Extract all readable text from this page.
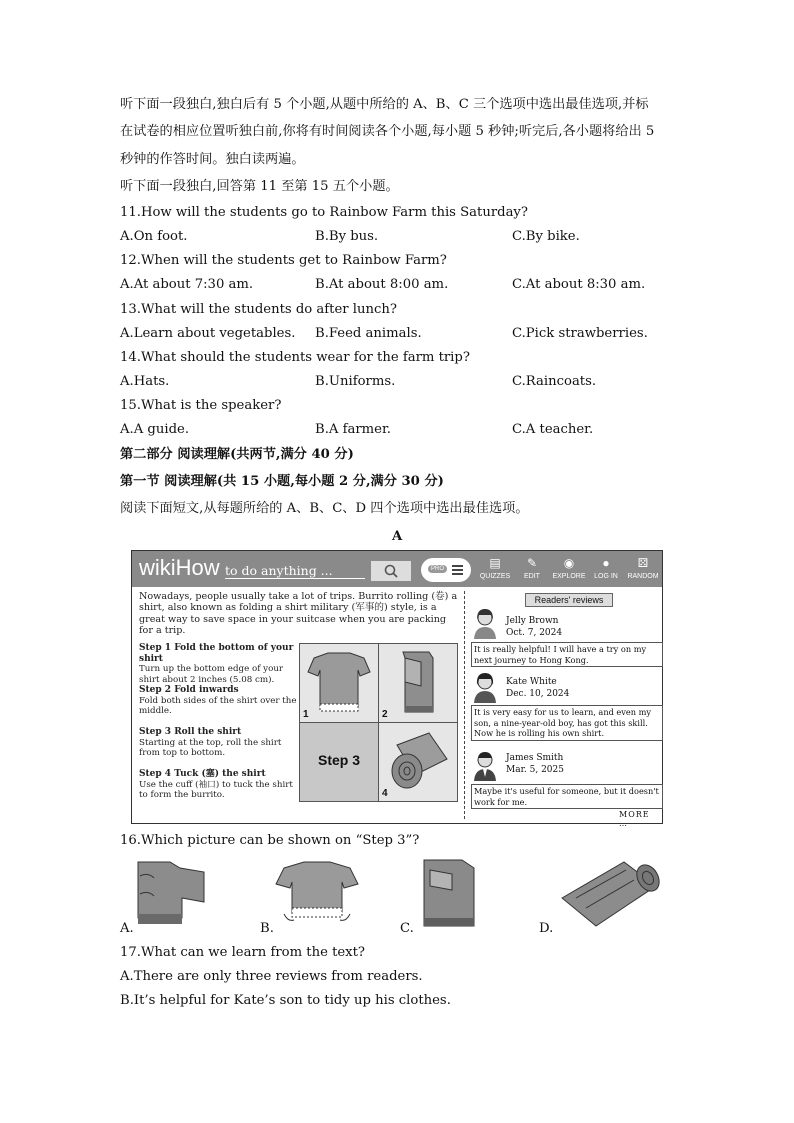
听下面一段独白,独白后有 5 个小题,从题中所给的 A、B、C 三个选项中选出最佳选项,并标
在试卷的相应位置听独白前,你将有时间阅读各个小题,每小题 5 秒钟;听完后,各小题将给出 5
秒钟的作答时间。独白读两遍。
听下面一段独白,回答第 11 至第 15 五个小题。
11.How will the students go to Rainbow Farm this Saturday?
A.On foot.	B.By bus.	C.By bike.
12.When will the students get to Rainbow Farm?
A.At about 7:30 am.	B.At about 8:00 am.	C.At about 8:30 am.
13.What will the students do after lunch?
A.Learn about vegetables. B.Feed animals.	C.Pick strawberries.
14.What should the students wear for the farm trip?
A.Hats.	B.Uniforms.	C.Raincoats.
15.What is the speaker?
A.A guide.	B.A farmer.	C.A teacher.
第二部分 阅读理解(共两节,满分 40 分)
第一节 阅读理解(共 15 小题,每小题 2 分,满分 30 分)
阅读下面短文,从每题所给的 A、B、C、D 四个选项中选出最佳选项。
A
wikiHow to do anything ...	PRO	▤
QUIZZES
✎
EDIT
◉
EXPLORE
●
LOG IN
⚄
RANDOM
Nowadays, people usually take a lot of trips. Burrito rolling (卷) a shirt, also known as folding a shirt military (军事的) style, is a great way to save space in your suitcase when you are packing for a trip.
Step 1 Fold the bottom of your shirt
Turn up the bottom edge of your shirt about 2 inches (5.08 cm).
Step 2 Fold inwards
Fold both sides of the shirt over the middle.
Step 3 Roll the shirt
Starting at the top, roll the shirt from top to bottom.
Step 4 Tuck (塞) the shirt
Use the cuff (袖口) to tuck the shirt to form the burrito.
1	2
Step 3
4
Readers' reviews
Jelly Brown
Oct. 7, 2024
It is really helpful! I will have a try on my next journey to Hong Kong.
Kate White
Dec. 10, 2024
It is very easy for us to learn, and even my son, a nine-year-old boy, has got this skill. Now he is rolling his own shirt.
James Smith
Mar. 5, 2025
Maybe it's useful for someone, but it doesn't work for me.
MORE …
16.Which picture can be shown on “Step 3”?
A.	B.	C.	D.
17.What can we learn from the text?
A.There are only three reviews from readers.
B.It’s helpful for Kate’s son to tidy up his clothes.
